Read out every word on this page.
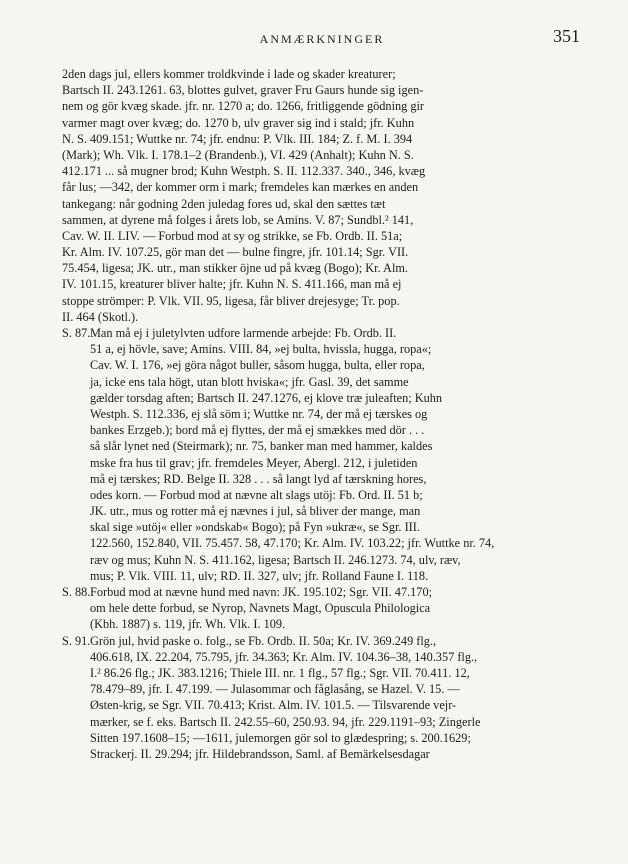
ANMÆRKNINGER	351
2den dags jul, ellers kommer troldkvinde i lade og skader kreaturer;
Bartsch II. 243.1261. 63, blottes gulvet, graver Fru Gaurs hunde sig igen-
nem og gör kvæg skade. jfr. nr. 1270 a; do. 1266, fritliggende gödning gir
varmer magt over kvæg; do. 1270 b, ulv graver sig ind i stald; jfr. Kuhn
N. S. 409.151; Wuttke nr. 74; jfr. endnu: P. Vlk. III. 184; Z. f. M. I. 394
(Mark); Wh. Vlk. I. 178.1–2 (Brandenb.), VI. 429 (Anhalt); Kuhn N. S.
412.171 ... så mugner brod; Kuhn Westph. S. II. 112.337. 340., 346, kvæg
får lus; —342, der kommer orm i mark; fremdeles kan mærkes en anden
tankegang: når godning 2den juledag fores ud, skal den sættes tæt
sammen, at dyrene må folges i årets lob, se Amins. V. 87; Sundbl.² 141,
Cav. W. II. LIV. — Forbud mod at sy og strikke, se Fb. Ordb. II. 51a;
Kr. Alm. IV. 107.25, gör man det — bulne fingre, jfr. 101.14; Sgr. VII.
75.454, ligesa; JK. utr., man stikker öjne ud på kvæg (Bogo); Kr. Alm.
IV. 101.15, kreaturer bliver halte; jfr. Kuhn N. S. 411.166, man må ej
stoppe strömper: P. Vlk. VII. 95, ligesa, får bliver drejesyge; Tr. pop.
II. 464 (Skotl.).
S. 87.Man må ej i juletylvten udfore larmende arbejde: Fb. Ordb. II.
51 a, ej hövle, save; Amins. VIII. 84, »ej bulta, hvissla, hugga, ropa«;
Cav. W. I. 176, »ej göra något buller, såsom hugga, bulta, eller ropa,
ja, icke ens tala högt, utan blott hviska«; jfr. Gasl. 39, det samme
gælder torsdag aften; Bartsch II. 247.1276, ej klove træ juleaften; Kuhn
Westph. S. 112.336, ej slå söm i; Wuttke nr. 74, der må ej tærskes og
bankes Erzgeb.); bord må ej flyttes, der må ej smækkes med dör . . .
så slår lynet ned (Steirmark); nr. 75, banker man med hammer, kaldes
mske fra hus til grav; jfr. fremdeles Meyer, Abergl. 212, i juletiden
må ej tærskes; RD. Belge II. 328 . . . så langt lyd af tærskning hores,
odes korn. — Forbud mod at nævne alt slags utöj: Fb. Ord. II. 51 b;
JK. utr., mus og rotter må ej nævnes i jul, så bliver der mange, man
skal sige »utöj« eller »ondskab« Bogo); på Fyn »ukræ«, se Sgr. III.
122.560, 152.840, VII. 75.457. 58, 47.170; Kr. Alm. IV. 103.22; jfr. Wuttke nr. 74,
ræv og mus; Kuhn N. S. 411.162, ligesa; Bartsch II. 246.1273. 74, ulv, ræv,
mus; P. Vlk. VIII. 11, ulv; RD. II. 327, ulv; jfr. Rolland Faune I. 118.
S. 88.Forbud mod at nævne hund med navn: JK. 195.102; Sgr. VII. 47.170;
om hele dette forbud, se Nyrop, Navnets Magt, Opuscula Philologica
(Kbh. 1887) s. 119, jfr. Wh. Vlk. I. 109.
S. 91.Grön jul, hvid paske o. folg., se Fb. Ordb. II. 50a; Kr. IV. 369.249 flg.,
406.618, IX. 22.204, 75.795, jfr. 34.363; Kr. Alm. IV. 104.36–38, 140.357 flg.,
I.² 86.26 flg.; JK. 383.1216; Thiele III. nr. 1 flg., 57 flg.; Sgr. VII. 70.411. 12,
78.479–89, jfr. I. 47.199. — Julasommar och fåglasång, se Hazel. V. 15. —
Østen-krig, se Sgr. VII. 70.413; Krist. Alm. IV. 101.5. — Tilsvarende vejr-
mærker, se f. eks. Bartsch II. 242.55–60, 250.93. 94, jfr. 229.1191–93; Zingerle
Sitten 197.1608–15; —1611, julemorgen gör sol to glædespring; s. 200.1629;
Strackerj. II. 29.294; jfr. Hildebrandsson, Saml. af Bemärkelsesdagar
